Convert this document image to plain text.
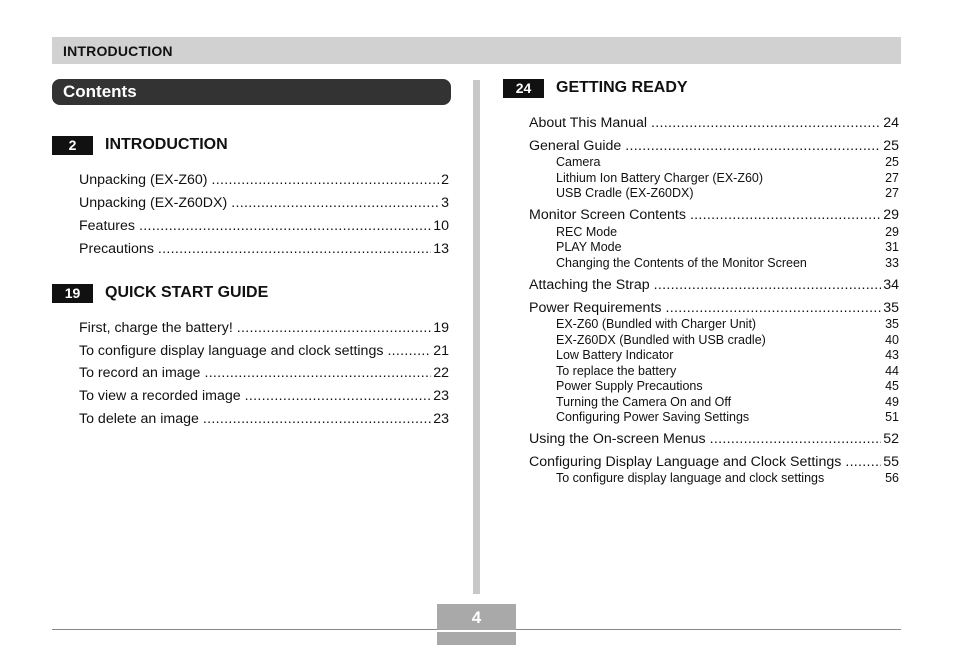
INTRODUCTION
Contents
2	INTRODUCTION
Unpacking (EX-Z60) .....	2
Unpacking (EX-Z60DX) .....	3
Features .....	10
Precautions .....	13
19	QUICK START GUIDE
First, charge the battery! .....	19
To configure display language and clock settings .....	21
To record an image .....	22
To view a recorded image .....	23
To delete an image .....	23
24	GETTING READY
About This Manual .....	24
General Guide .....	25
Camera	25
Lithium Ion Battery Charger (EX-Z60)	27
USB Cradle (EX-Z60DX)	27
Monitor Screen Contents .....	29
REC Mode	29
PLAY Mode	31
Changing the Contents of the Monitor Screen	33
Attaching the Strap .....	34
Power Requirements .....	35
EX-Z60 (Bundled with Charger Unit)	35
EX-Z60DX (Bundled with USB cradle)	40
Low Battery Indicator	43
To replace the battery	44
Power Supply Precautions	45
Turning the Camera On and Off	49
Configuring Power Saving Settings	51
Using the On-screen Menus .....	52
Configuring Display Language and Clock Settings .....	55
To configure display language and clock settings	56
4
